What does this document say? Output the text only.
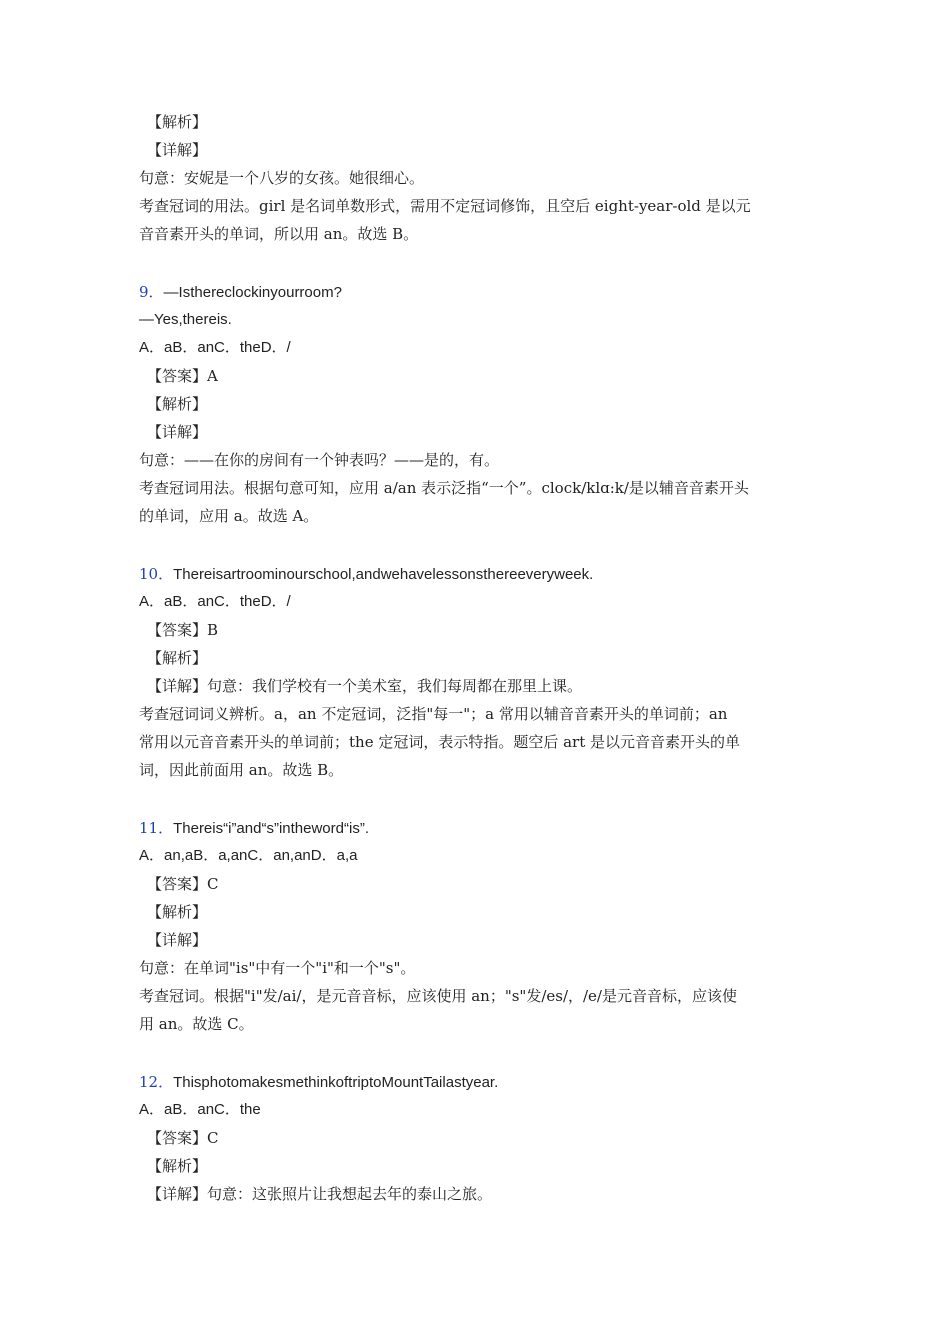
【解析】
【详解】
句意：安妮是一个八岁的女孩。她很细心。
考查冠词的用法。girl 是名词单数形式，需用不定冠词修饰，且空后 eight-year-old 是以元
音音素开头的单词，所以用 an。故选 B。
9．—Isthereclockinyourroom?
—Yes,thereis.
A．aB．anC．theD．/
【答案】A
【解析】
【详解】
句意：——在你的房间有一个钟表吗？——是的，有。
考查冠词用法。根据句意可知，应用 a/an 表示泛指“一个”。clock/klɑ:k/是以辅音音素开头
的单词，应用 a。故选 A。
10．Thereisartroominourschool,andwehavelessonsthereeveryweek.
A．aB．anC．theD．/
【答案】B
【解析】
【详解】句意：我们学校有一个美术室，我们每周都在那里上课。
考查冠词词义辨析。a，an 不定冠词，泛指"每一"；a 常用以辅音音素开头的单词前；an
常用以元音音素开头的单词前；the 定冠词，表示特指。题空后 art 是以元音音素开头的单
词，因此前面用 an。故选 B。
11．Thereis“i”and“s”intheword“is”.
A．an,aB．a,anC．an,anD．a,a
【答案】C
【解析】
【详解】
句意：在单词"is"中有一个"i"和一个"s"。
考查冠词。根据"i"发/ai/，是元音音标，应该使用 an；"s"发/es/，/e/是元音音标，应该使
用 an。故选 C。
12．ThisphotomakesmethinkoftriptoMountTailastyear.
A．aB．anC．the
【答案】C
【解析】
【详解】句意：这张照片让我想起去年的泰山之旅。
